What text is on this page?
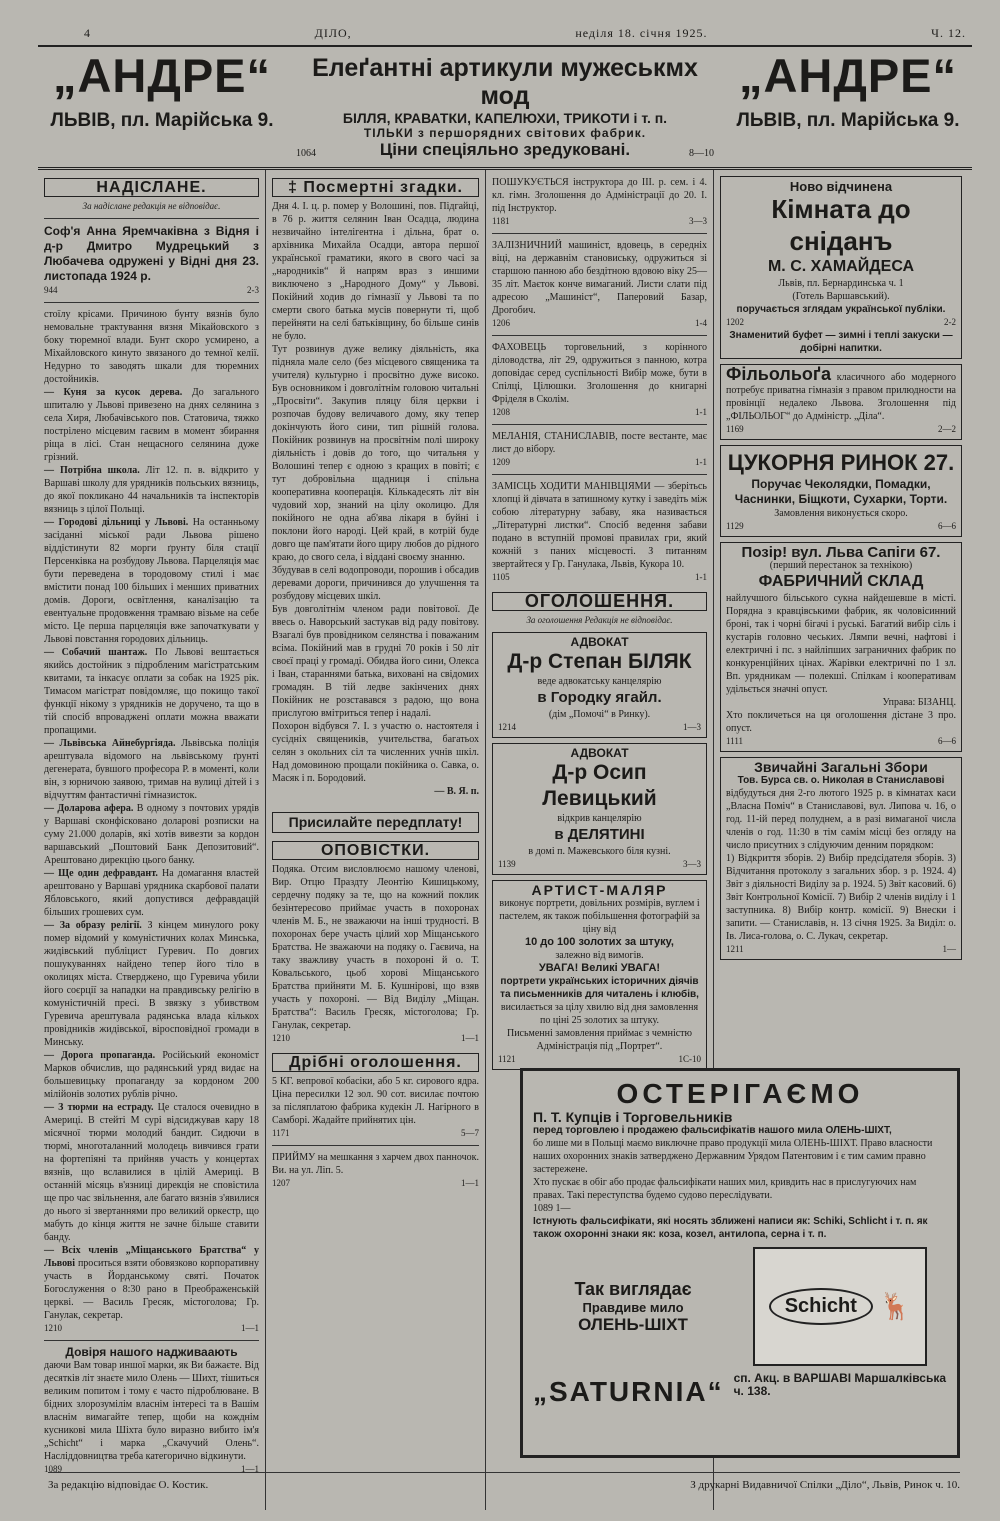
4	ДІЛО,	неділя 18. січня 1925.	Ч. 12.
„АНДРЕ“
ЛЬВІВ, пл. Марійська 9.
Елеґантні артикули мужеськмх мод
БІЛЛЯ, КРАВАТКИ, КАПЕЛЮХИ, ТРИКОТИ і т. п.
ТІЛЬКИ з першорядних світових фабрик.
Ціни спеціяльно зредуковані.
1064	8—10
„АНДРЕ“
ЛЬВІВ, пл. Марійська 9.
НАДІСЛАНЕ.
За надіслане редакція не відповідає.
Соф'я Анна Яремчаківна з Відня і д-р Дмитро Мудрецький з Любачева одружені у Відні дня 23. листопада 1924 р.
944	2-3
стоїлу крісами. Причиною бунту вязнів було немовальне трактування вязня Мікайовского з боку тюремної влади. Бунт скоро усмирено, а Міхайловского кинуто звязаного до темної келії. Недурно то заводять шкали для тюремних достойників.
— Куня за кусок дерева. До загального шпиталю у Львові привезено на днях селянина з села Хиря, Любачівського пов. Статовича, тяжко пострілено місцевим гаєвим в момент збирання ріща в лісі. Стан нещасного селянина дуже грізний.
— Потрібна школа. Літ 12. п. в. відкрито у Варшаві школу для урядників польських вязниць, до якої покликано 44 начальників та інспекторів вязниць з цілої Польщі.
— Городові дільниці у Львові. На останньому засіданні міської ради Львова рішено віддістинути 82 морги ґрунту біля стації Персенківка на розбудову Львова. Парцеляція має бути переведена в тородовому стилі і має вмістити понад 100 більших і менших приватних домів. Дороги, освітлення, каналізацію та евентуальне продовження трамваю візьме на себе місто. Це перша парцеляція вже започаткувати у Львові повстання городових дільниць.
— Собачий шантаж. По Львові вештається якийсь достойник з підробленим магістратським квитами, та інкасує оплати за собак на 1925 рік. Тимасом магістрат повідомляє, що покищо такої функції нікому з урядників не доручено, та що в тій спосіб впроваджені оплати можна вважати пропащими.
— Львівська Айнебургіяда. Львівська поліція арештувала відомого на львівському ґрунті дегенерата, бувшого професора Р. в моменті, коли він, з юрничою заявою, тримав на вулиці дітей і з відчуттям фантастичні гімназисток.
— Доларова афера. В одному з почтових урядів у Варшаві сконфісковано доларові розписки на суму 21.000 доларів, які хотів вивезти за кордон варшавський „Поштовий Банк Депозитовий“. Арештовано дирекцію цього банку.
— Ще один дефравдант. На домагання властей арештовано у Варшаві урядника скарбової палати Ябловського, який допустився дефравдацій більших грошевих сум.
— За образу релігії. З кінцем минулого року помер відомий у комуністичних колах Минська, жидівський публіцист Гуревич. По довгих пошукуваннях найдено тепер його тіло в околицях міста. Стверджено, що Гуревича убили його соєрції за нападки на правдивську релігію в комуністичній пресі. В звязку з убивством Гуревича арештувала радянська влада кількох провідників жидівської, віросповідної громади в Минську.
— Дорога пропаганда. Російський економіст Марков обчислив, що радянський уряд видає на большевицьку пропаганду за кордоном 200 мілійонів золотих рублів річно.
— З тюрми на естраду. Це сталося очевидно в Америці. В стейті М сурі відсиджував кару 18 місячної тюрми молодий бандит. Сидючи в тюрмі, многоталанний молодець вивчився грати на фортепіяні та прийняв участь у концертах вязнів, що вславилися в цілій Америці. В останній місяць в'язниці дирекція не сповістила ще про час звільнення, але багато вязнів з'явилися до нього зі звертаннями про великий оркестр, що мабуть до кінця життя не зачне більше ставити банду.
— Всіх членів „Міщанського Братства“ у Львові проситься взяти обовязково корпоративну участь в Йорданському святі. Початок Богослуження о 8:30 рано в Преображенській церкві. — Василь Гресяк, містоголова; Гр. Ганулак, секретар.
1210	1—1
Довіря нашого надживаають
даючи Вам товар иншої марки, як Ви бажаєте. Від десятків літ знаєте мило Олень — Шихт, тішиться великим попитом і тому є часто підроблюване. В бідних злорозумілім власнім інтересі та в Вашім власнім вимагайте тепер, щоби на кожднім кусникові мила Шіхта було виразно вибито ім'я „Schicht“ і марка „Скачучий Олень“. Насліддовництва треба категорично відкинути.
1089	1—1
‡ Посмертні згадки.
Дня 4. І. ц. р. помер у Волошині, пов. Підгайці, в 76 р. життя селянин Іван Осадца, людина незвичайно інтелігентна і дільна, брат о. архівника Михайла Осадци, автора першої української граматики, якого в свого часі за „народників“ й напрям враз з иншими виключено з „Народного Дому“ у Львові. Покійний ходив до гімназії у Львові та по смерти свого батька мусів повернути ті, щоб перейняти на селі батьківщину, бо більше синів не було.
Тут розвинув дуже велику діяльність, яка підняла мале село (без місцевого священика та учителя) культурно і просвітно дуже високо. Був основником і довголітнім головою читальні „Просвіти“. Закупив пляцу біля церкви і розпочав будову величавого дому, яку тепер докінчують його сини, тип рішній голова. Покійник розвинув на просвітнім полі широку діяльність і довів до того, що читальня у Волошині тепер є одною з кращих в повіті; є тут добровільна щадниця і спільна кооперативна кооперація. Кількадесять літ він чудовий хор, знаний на цілу околицю. Для покійного не одна аб'ява лікаря в буйні і поклони його народі. Цей край, в котрій буде довго ще пам'ятати його щиру любов до рідного краю, до свого села, і віддані своєму знанню.
Збудував в селі водопроводи, порошив і обсадив деревами дороги, причинився до улучшення та розбудову місцевих шкіл.
Був довголітнім членом ради повітової. Де ввесь о. Наворський застукав від раду повітову. Взагалі був провідником селянства і поважаним всіма. Покійний мав в грудні 70 років і 50 літ своєї праці у громаді. Обидва його сини, Олекса і Іван, стараннями батька, виховані на свідомих громадян. В тій ледве закінчених днях Покійник не розставався з радою, що вона прислугою вмітриться тепер і надалі.
Похорон відбувся 7. І. з участю о. настоятеля і сусідніх священиків, учительства, багатьох селян з окольних сіл та численних учнів шкіл. Над домовиною прощали покійника о. Савка, о. Масяк і п. Бородовий.
— В. Я. п.
Присилайте передплату!
ОПОВІСТКИ.
Подяка. Отсим висловлюємо нашому членові, Вир. Отцю Праздту Леонтію Кишицькому, сердечну подяку за те, що на кожний поклик безінтересово приймає участь в похоронах членів М. Б., не зважаючи на інші трудності. В похоронах бере участь цілий хор Міщанського Братства. Не зважаючи на подяку о. Гаєвича, на таку зважливу участь в похороні й о. Т. Ковальського, цьоб хорові Міщанського Братства прийняти М. Б. Кушнірові, що взяв участь у похороні. — Від Виділу „Міщан. Братства“: Василь Гресяк, містоголова; Гр. Ганулак, секретар.
1210	1—1
Дрібні оголошення.
5 КГ. вепрової кобасіки, або 5 кг. сирового ядра. Ціна пересилки 12 зол. 90 сот. висилає почтою за післяплатою фабрика кудекін Л. Нагірного в Самборі. Жадайте прийнятих цін.
1171	5—7
ПРИЙМУ на мешкання з харчем двох панночок. Ви. на ул. Ліп. 5.
1207	1—1
ПОШУКУЄТЬСЯ інструктора до ІІІ. р. сем. і 4. кл. гімн. Зголошення до Адміністрації до 20. І. під Інструктор.
1181	3—3
ЗАЛІЗНИЧНИЙ машиніст, вдовець, в середніх віці, на державнім становиську, одружиться зі старшою панною або бездітною вдовою віку 25—35 літ. Маєток конче вимаганий. Листи слати під адресою „Машиніст“, Паперовий Базар, Дрогобич.
1206	1-4
ФАХОВЕЦЬ торговельний, з корінного діловодства, літ 29, одружиться з панною, котра доповідає серед суспільності Вибір може, бути в Спілці, Цілюшки. Зголошення до книгарні Фріделя в Сколім.
1208	1-1
МЕЛАНІЯ, СТАНИСЛАВІВ, посте вестанте, має лист до вібору.
1209	1-1
ЗАМІСЦЬ ХОДИТИ МАНІВЦІЯМИ — зберітьсь хлопці й дівчата в затишному кутку і заведіть між собою літературну забаву, яка називається „Літературні листки“. Спосіб ведення забави подано в вступній промові правилах гри, який кожній з паних місцевості. З питанням звертайтеся у Гр. Ганулака, Львів, Кукора 10.
1105	1-1
ОГОЛОШЕННЯ.
За оголошення Редакція не відповідає.
АДВОКАТ
Д-р Степан БІЛЯК
веде адвокатську канцелярію
в Городку ягайл.
(дім „Помочі“ в Ринку).
1214	1—3
АДВОКАТ
Д-р Осип Левицький
відкрив канцелярію
в ДЕЛЯТИНІ
в домі п. Мажевського біля кузні.
1139	3—3
АРТИСТ-МАЛЯР
виконує портрети, довільних розмірів, вуглем і пастелем, як також побільшення фотографій за ціну від
10 до 100 золотих за штуку,
залежно від вимогів.
УВАГА! Великі УВАГА!
портрети українських історичних діячів та письменників для читалень і клюбів,
висилається за цілу хвилю від дня замовлення по ціні 25 золотих за штуку.
Письменні замовлення приймає з чемністю Адміністрація під „Портрет“.
1121	1С-10
Ново відчинена
Кімната до сніданъ
М. С. ХАМАЙДЕСА
Львів, пл. Бернардинська ч. 1
(Готель Варшавський).
поручається зглядам української публіки.
1202	2-2
Знаменитий буфет — зимні і теплі закуски — добірні напитки.
Фільольоґа класичного або модерного потребує приватна гімназія з правом прилюдности на провінції недалеко Львова. Зголошення під „ФІЛЬОЛЬОГ“ до Адміністр. „Діла“.
1169	2—2
ЦУКОРНЯ РИНОК 27.
Поручає Чеколядки, Помадки, Часнинки, Біщкоти, Сухарки, Торти.
Замовлення виконується скоро.
1129	6—6
Позір! вул. Льва Сапіги 67.
(перший перестанок за технікою)
ФАБРИЧНИЙ СКЛАД
найлучшого більського сукна найдешевше в місті. Порядна з кравцівськими фабрик, як чоловісинний броні, так і чорні бігачі і руські. Багатий вибір сіль і кустарів головно чеських. Лямпи вечні, нафтові і електричні і пс. з найліпших заграничних фабрик по конкуренційних цінах. Жарівки електричні по 1 зл. Вп. урядникам — полекші. Спілкам і кооперативам удільється значні опуст.
Управа: БІЗАНЦ.
Хто покличеться на ця оголошення дістане 3 про. опуст.
1111	6—6
Звичайні Загальні Збори
Тов. Бурса св. о. Николая в Станиславові
відбудуться дня 2-го лютого 1925 р. в кімнатах каси „Власна Поміч“ в Станиславові, вул. Липова ч. 16, о год. 11-ій перед полуднем, а в разі вимаганої числа членів о год. 11:30 в тім самім місці без огляду на число присутних з слідуючим денним порядком:
1) Відкриття зборів. 2) Вибір предсідателя зборів. 3) Відчитання протоколу з загальних збор. з р. 1924. 4) Звіт з діяльності Виділу за р. 1924. 5) Звіт касовий. 6) Звіт Контрольної Комісії. 7) Вибір 2 членів виділу і 1 заступника. 8) Вибір контр. комісії. 9) Внески і запити. — Станиславів, н. 13 січня 1925. За Виділ: о. Ів. Лиса-голова, о. С. Лукач, секретар.
1211	1—
ОСТЕРІГАЄМО
П. Т. Купців і Торговельників
перед торговлею і продажею фальсифікатів нашого мила ОЛЕНЬ-ШІХТ,
бо лише ми в Польщі маємо виключне право продукції мила ОЛЕНЬ-ШІХТ. Право власности наших охоронних знаків затверджено Державним Урядом Патентовим і є тим самим правно застережене.
Хто пускає в обіг або продає фальсифікати наших мил, кривдить нас в прислугуючих нам правах. Такі переступства будемо судово переслідувати.
1089 1—
Істнують фальсифікати, які носять зближені написи як: Schiki, Schlicht і т. п. як також охоронні знаки як: коза, козел, антилопа, серна і т. п.
Так виглядає
Правдиве мило
ОЛЕНЬ-ШІХТ
Schicht 🦌
„SATURNIA“ сп. Акц. в ВАРШАВІ Маршалківська ч. 138.
За редакцію відповідає О. Костик.	З друкарні Видавничої Спілки „Діло“, Львів, Ринок ч. 10.
